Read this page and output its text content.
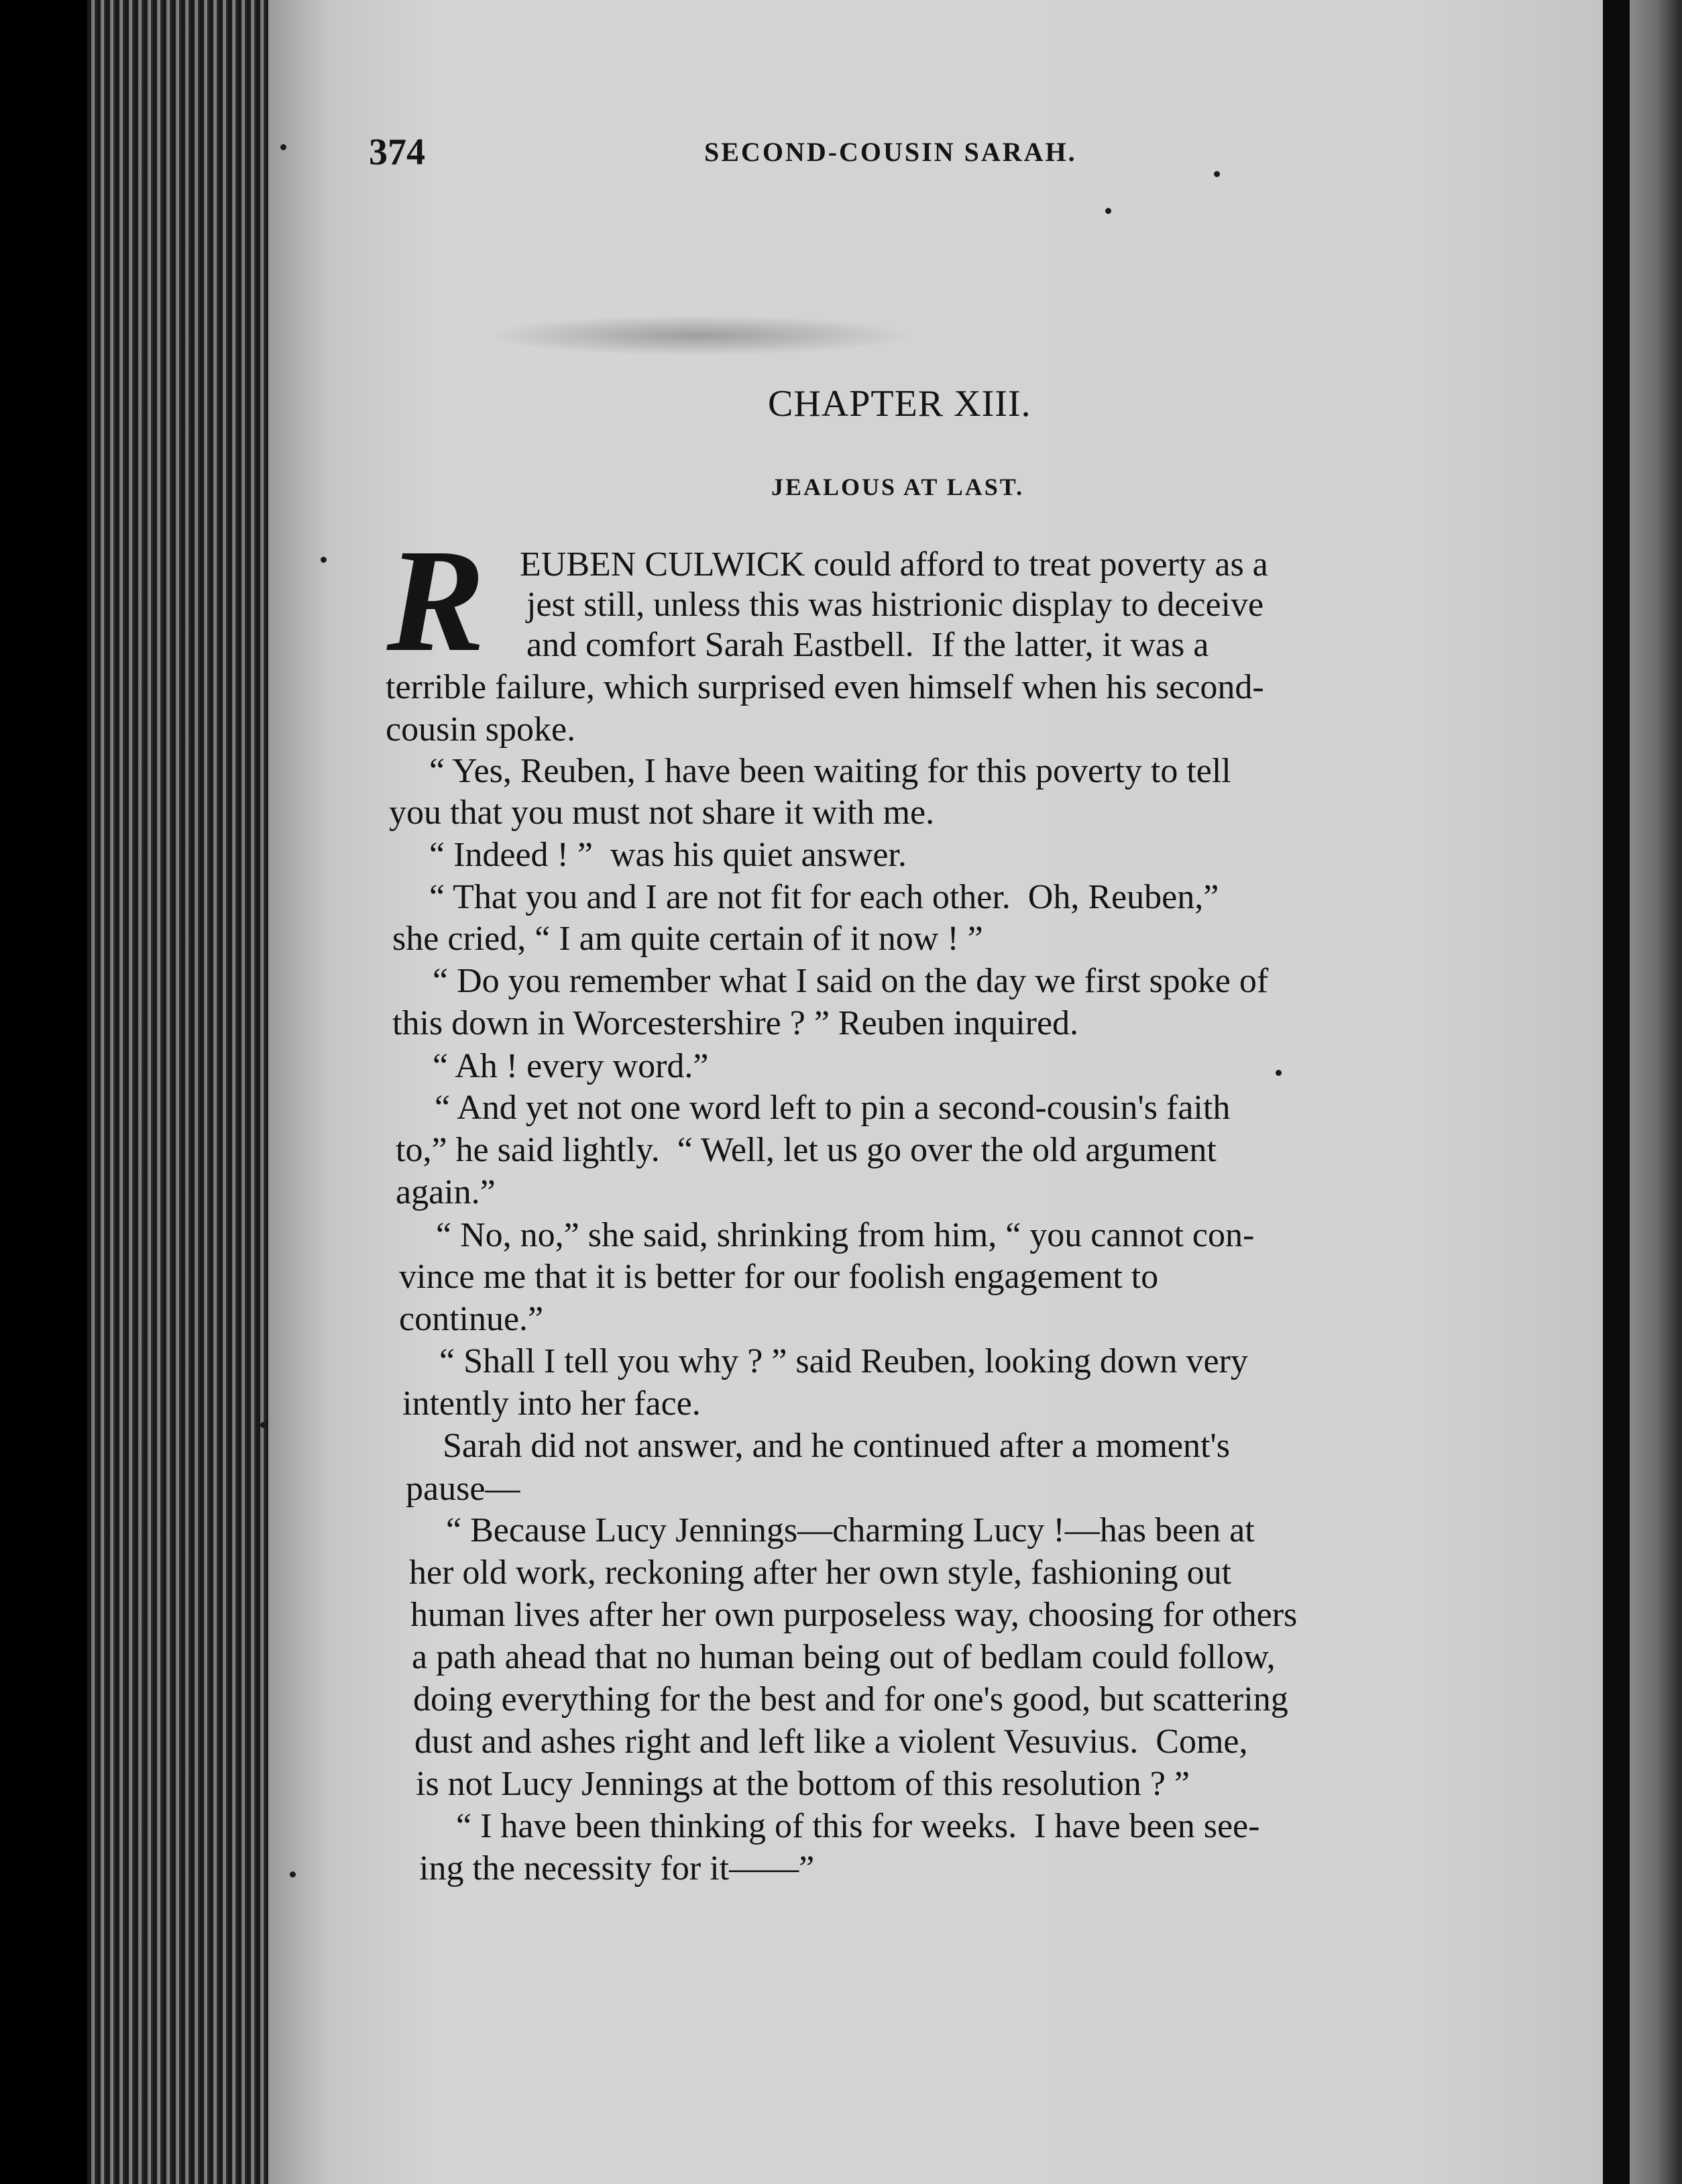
374	SECOND-COUSIN SARAH.
CHAPTER XIII.
JEALOUS AT LAST.
R EUBEN CULWICK could afford to treat poverty as a
jest still, unless this was histrionic display to deceive
and comfort Sarah Eastbell.  If the latter, it was a
terrible failure, which surprised even himself when his second-
cousin spoke.
“ Yes, Reuben, I have been waiting for this poverty to tell
you that you must not share it with me.
“ Indeed ! ”  was his quiet answer.
“ That you and I are not fit for each other.  Oh, Reuben,”
she cried, “ I am quite certain of it now ! ”
“ Do you remember what I said on the day we first spoke of
this down in Worcestershire ? ” Reuben inquired.
“ Ah ! every word.”
“ And yet not one word left to pin a second-cousin's faith
to,” he said lightly.  “ Well, let us go over the old argument
again.”
“ No, no,” she said, shrinking from him, “ you cannot con-
vince me that it is better for our foolish engagement to
continue.”
“ Shall I tell you why ? ” said Reuben, looking down very
intently into her face.
Sarah did not answer, and he continued after a moment's
pause—
“ Because Lucy Jennings—charming Lucy !—has been at
her old work, reckoning after her own style, fashioning out
human lives after her own purposeless way, choosing for others
a path ahead that no human being out of bedlam could follow,
doing everything for the best and for one's good, but scattering
dust and ashes right and left like a violent Vesuvius.  Come,
is not Lucy Jennings at the bottom of this resolution ? ”
“ I have been thinking of this for weeks.  I have been see-
ing the necessity for it——”
